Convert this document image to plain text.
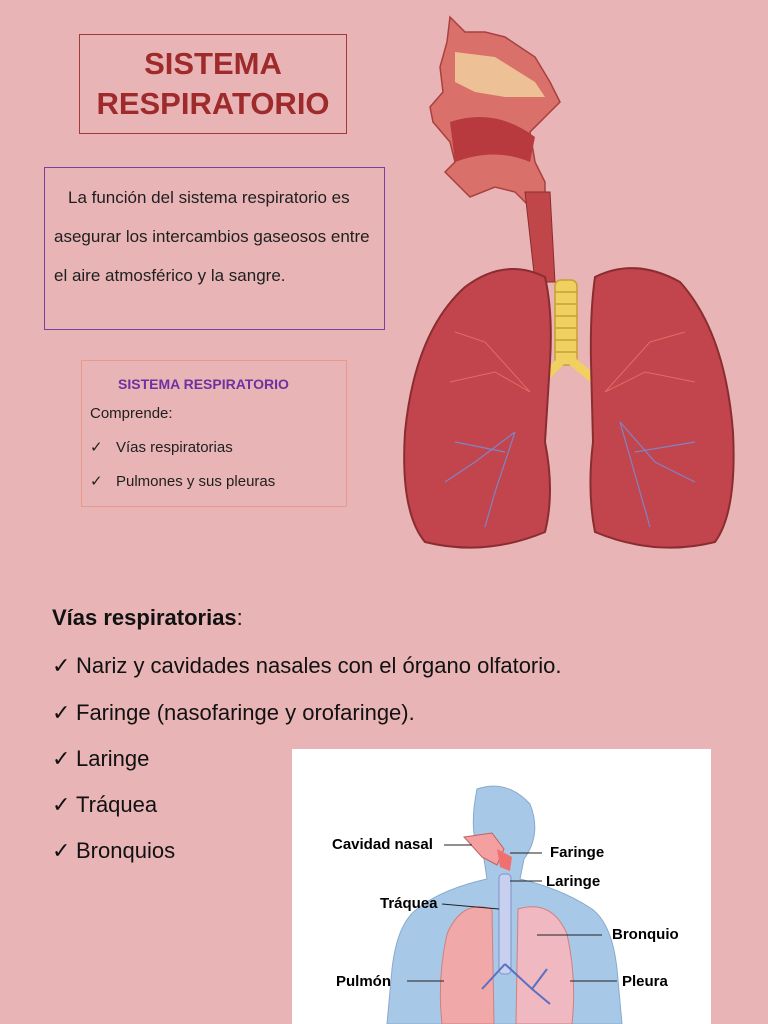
SISTEMA
RESPIRATORIO

La función del sistema respiratorio es asegurar los intercambios gaseosos entre el aire atmosférico y la sangre.

SISTEMA RESPIRATORIO
Comprende:
✓ Vías respiratorias
✓ Pulmones y sus pleuras
Vías respiratorias:
✓ Nariz y cavidades nasales con el órgano olfatorio.
✓ Faringe (nasofaringe y orofaringe).
✓ Laringe
✓ Tráquea
✓ Bronquios	Cavidad nasal	Faringe
Laringe
Tráquea
Bronquio
Pulmón	Pleura
